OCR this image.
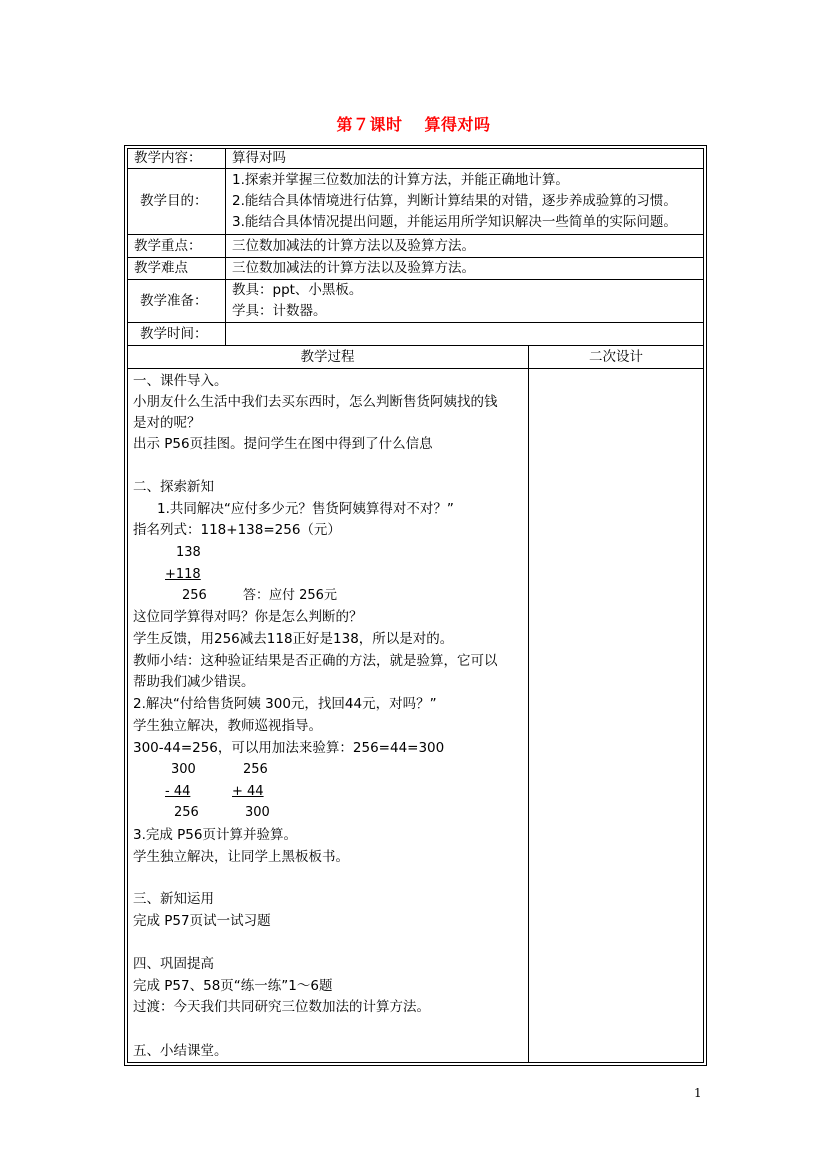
第７课时 算得对吗
教学内容： 算得对吗
教学目的：
1.探索并掌握三位数加法的计算方法，并能正确地计算。
2.能结合具体情境进行估算，判断计算结果的对错，逐步养成验算的习惯。
3.能结合具体情况提出问题，并能运用所学知识解决一些简单的实际问题。
教学重点： 三位数加减法的计算方法以及验算方法。
教学难点	三位数加减法的计算方法以及验算方法。
教学准备：
教具：ppt、小黑板。
学具：计数器。
教学时间：
教学过程	二次设计
一、课件导入。
小朋友什么生活中我们去买东西时，怎么判断售货阿姨找的钱
是对的呢？
出示 P56页挂图。提问学生在图中得到了什么信息
二、探索新知
1.共同解决“应付多少元？售货阿姨算得对不对？”
指名列式：118+138=256（元）
138
+118
256	答：应付 256元
这位同学算得对吗？你是怎么判断的？
学生反馈，用256减去118正好是138，所以是对的。
教师小结：这种验证结果是否正确的方法，就是验算，它可以
帮助我们减少错误。
2.解决“付给售货阿姨 300元，找回44元，对吗？”
学生独立解决，教师巡视指导。
300-44=256，可以用加法来验算：256=44=300
300	256
- 44	+ 44
256	300
3.完成 P56页计算并验算。
学生独立解决，让同学上黑板板书。
三、新知运用
完成 P57页试一试习题
四、巩固提高
完成 P57、58页“练一练”1～6题
过渡：今天我们共同研究三位数加法的计算方法。
五、小结课堂。
1
